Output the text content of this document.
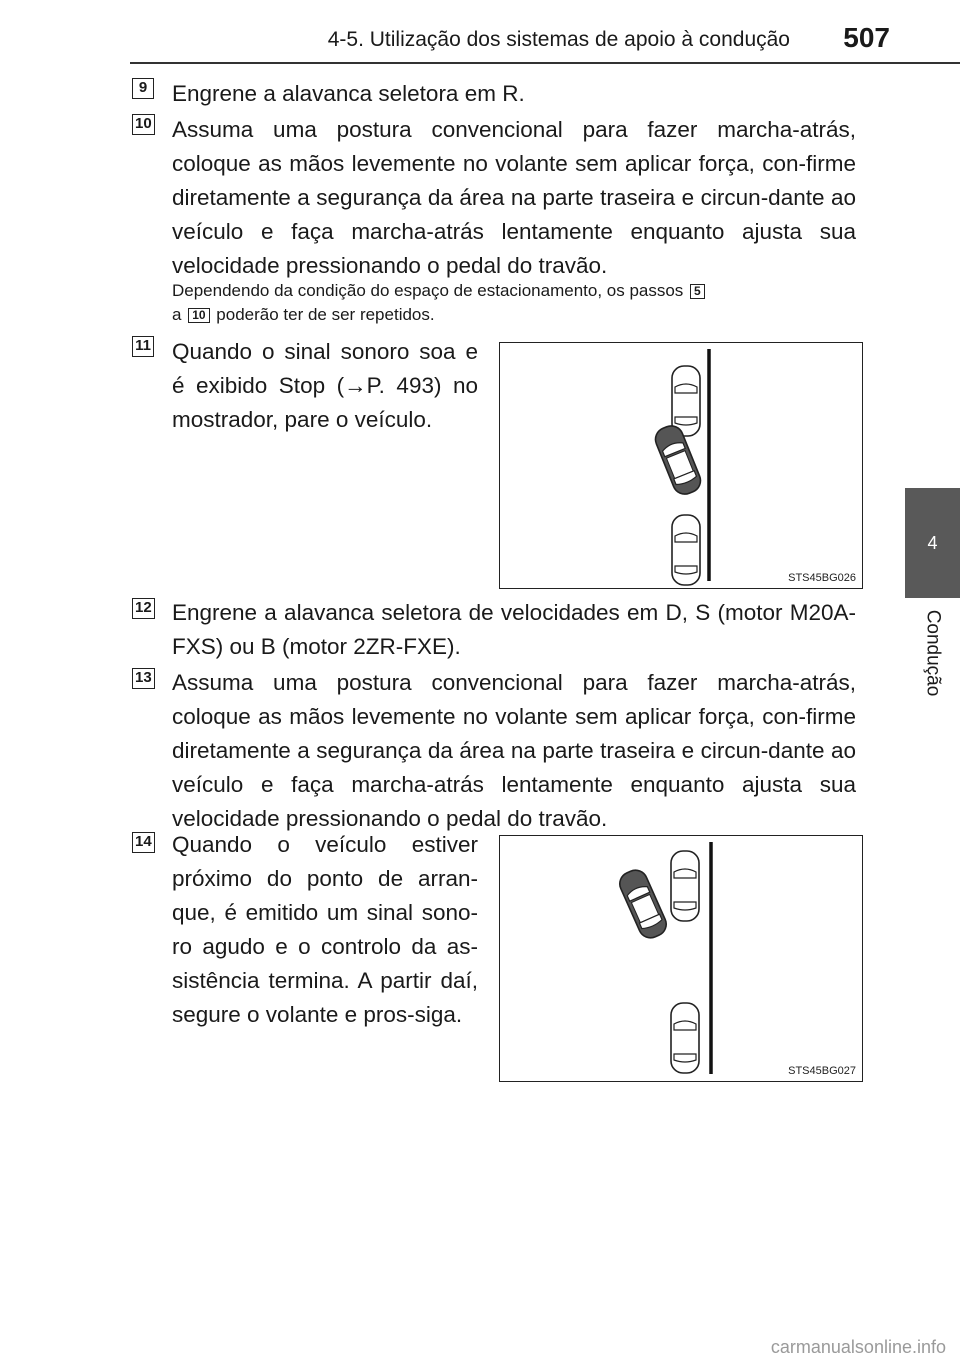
4-5. Utilização dos sistemas de apoio à condução	507
4
Condução
9	Engrene a alavanca seletora em R.
10 Assuma uma postura convencional para fazer marcha-atrás, coloque as mãos levemente no volante sem aplicar força, con-firme diretamente a segurança da área na parte traseira e circun-dante ao veículo e faça marcha-atrás lentamente enquanto ajusta sua velocidade pressionando o pedal do travão.
Dependendo da condição do espaço de estacionamento, os passos 5
a 10 poderão ter de ser repetidos.
11 Quando o sinal sonoro soa e é exibido Stop (→P. 493) no mostrador, pare o veículo.
STS45BG026
12 Engrene a alavanca seletora de velocidades em D, S (motor M20A-FXS) ou B (motor 2ZR-FXE).
13 Assuma uma postura convencional para fazer marcha-atrás, coloque as mãos levemente no volante sem aplicar força, con-firme diretamente a segurança da área na parte traseira e circun-dante ao veículo e faça marcha-atrás lentamente enquanto ajusta sua velocidade pressionando o pedal do travão.
14 Quando o veículo estiver próximo do ponto de arran-que, é emitido um sinal sono-ro agudo e o controlo da as-sistência termina. A partir daí, segure o volante e pros-siga.
STS45BG027
carmanualsonline.info
